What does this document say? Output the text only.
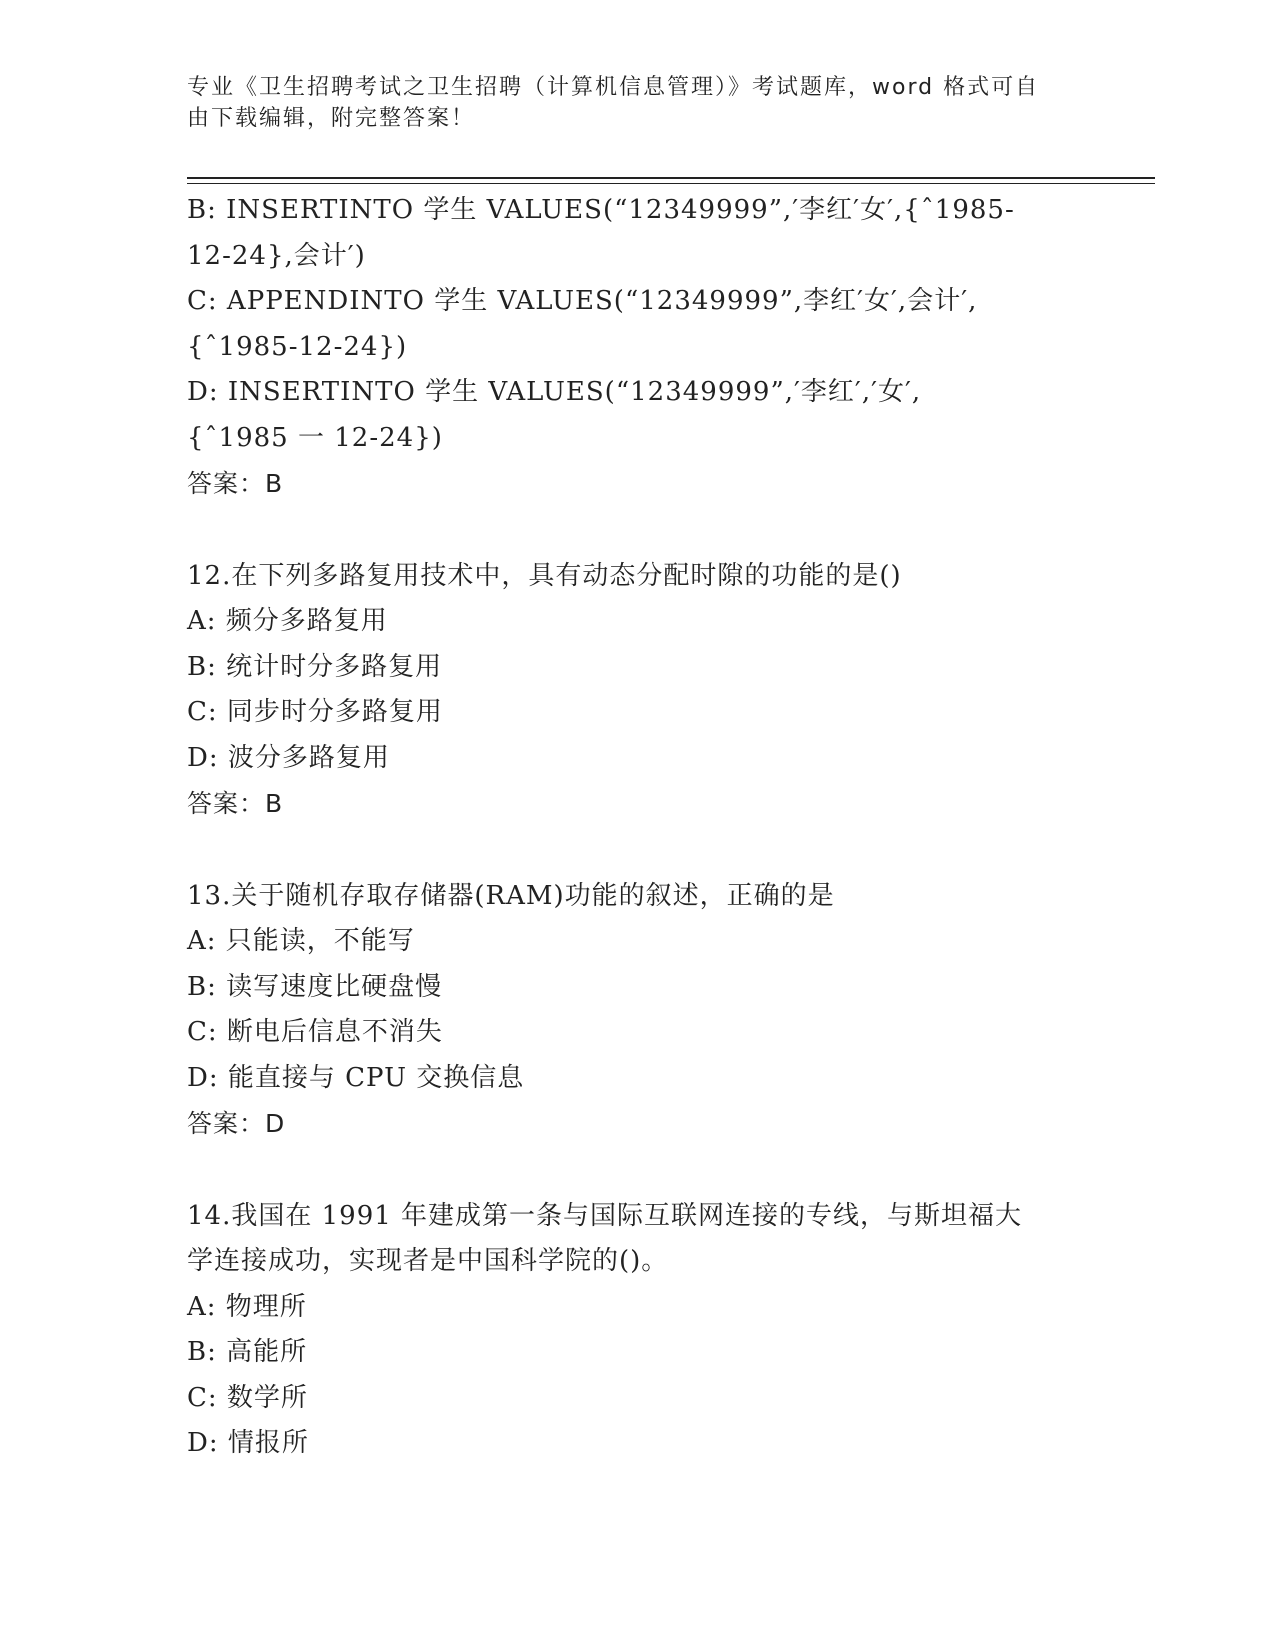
专业《卫生招聘考试之卫生招聘（计算机信息管理）》考试题库，word 格式可自
由下载编辑，附完整答案！
B: INSERTINTO 学生 VALUES(“12349999”,′李红′女′,{ˆ1985-
12-24},会计′)
C: APPENDINTO 学生 VALUES(“12349999”,李红′女′,会计′,
{ˆ1985-12-24})
D: INSERTINTO 学生 VALUES(“12349999”,′李红′,′女′,
{ˆ1985 一 12-24})
答案：B
12.在下列多路复用技术中，具有动态分配时隙的功能的是()
A: 频分多路复用
B: 统计时分多路复用
C: 同步时分多路复用
D: 波分多路复用
答案：B
13.关于随机存取存储器(RAM)功能的叙述，正确的是
A: 只能读，不能写
B: 读写速度比硬盘慢
C: 断电后信息不消失
D: 能直接与 CPU 交换信息
答案：D
14.我国在 1991 年建成第一条与国际互联网连接的专线，与斯坦福大
学连接成功，实现者是中国科学院的()。
A: 物理所
B: 高能所
C: 数学所
D: 情报所
